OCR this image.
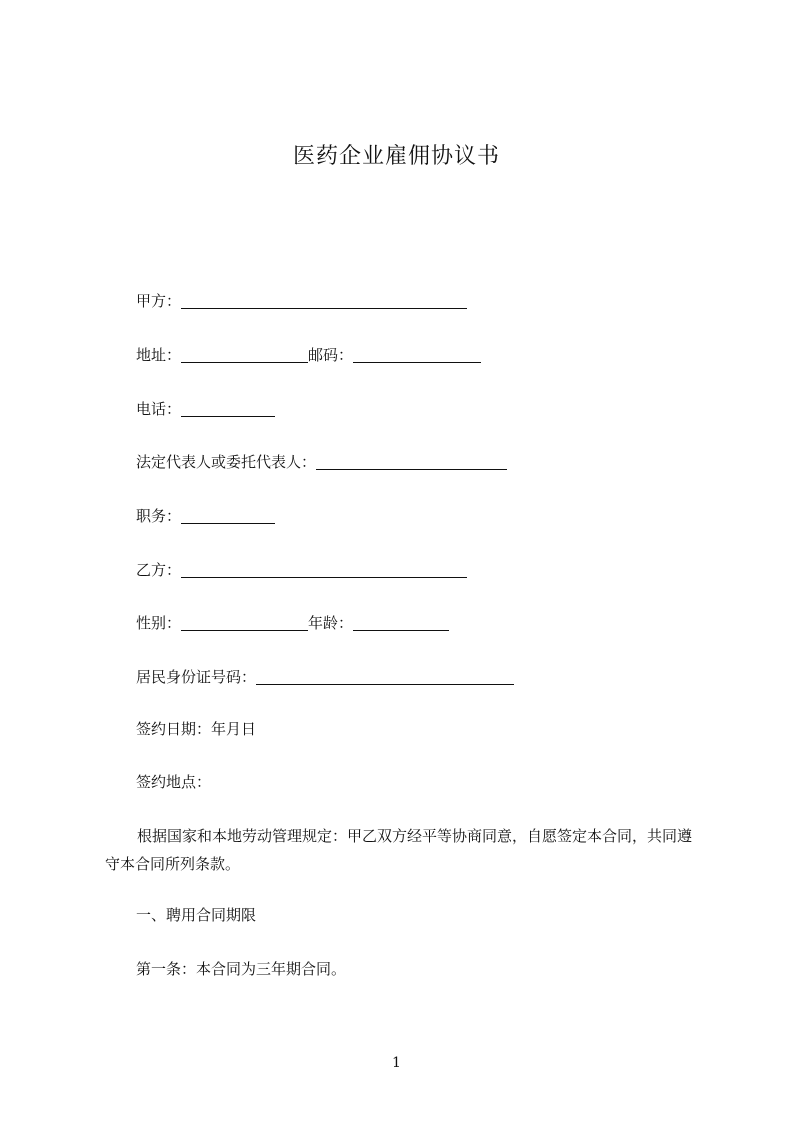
医药企业雇佣协议书
甲方：
地址：	邮码：
电话：
法定代表人或委托代表人：
职务：
乙方：
性别：	年龄：
居民身份证号码：
签约日期：年月日
签约地点：
根据国家和本地劳动管理规定：甲乙双方经平等协商同意，自愿签定本合同，共同遵守本合同所列条款。
一、聘用合同期限
第一条：本合同为三年期合同。
1
